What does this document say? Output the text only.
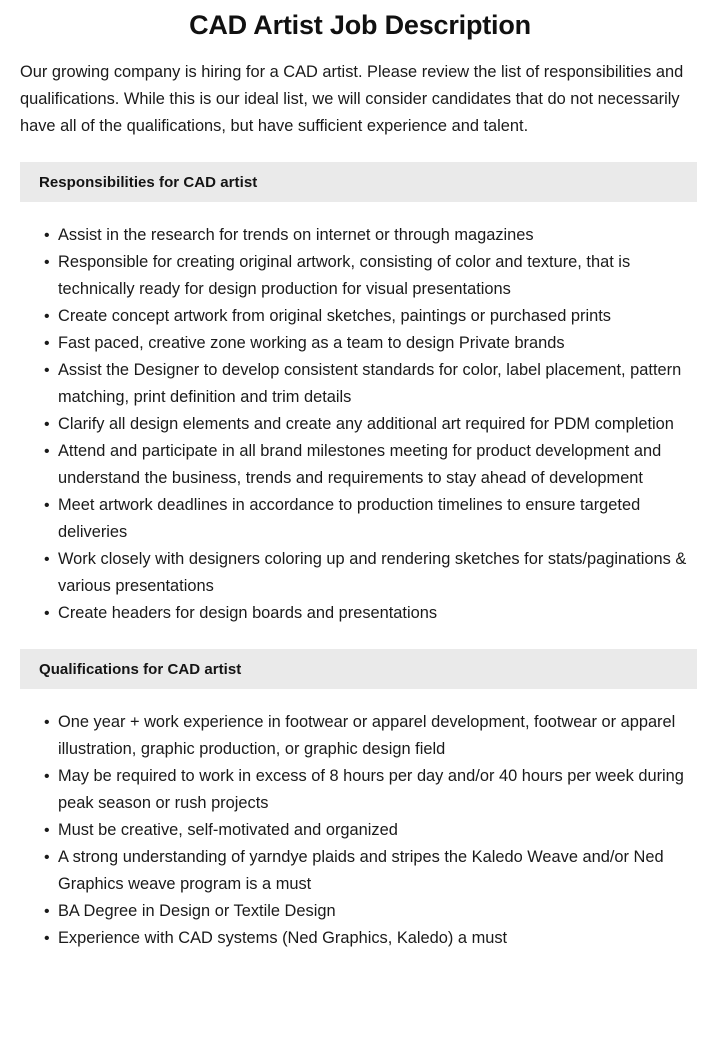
CAD Artist Job Description

Our growing company is hiring for a CAD artist. Please review the list of responsibilities and qualifications. While this is our ideal list, we will consider candidates that do not necessarily have all of the qualifications, but have sufficient experience and talent.

Responsibilities for CAD artist
• Assist in the research for trends on internet or through magazines
• Responsible for creating original artwork, consisting of color and texture, that is technically ready for design production for visual presentations
• Create concept artwork from original sketches, paintings or purchased prints
• Fast paced, creative zone working as a team to design Private brands
• Assist the Designer to develop consistent standards for color, label placement, pattern matching, print definition and trim details
• Clarify all design elements and create any additional art required for PDM completion
• Attend and participate in all brand milestones meeting for product development and understand the business, trends and requirements to stay ahead of development
• Meet artwork deadlines in accordance to production timelines to ensure targeted deliveries
• Work closely with designers coloring up and rendering sketches for stats/paginations & various presentations
• Create headers for design boards and presentations
Qualifications for CAD artist
• One year + work experience in footwear or apparel development, footwear or apparel illustration, graphic production, or graphic design field
• May be required to work in excess of 8 hours per day and/or 40 hours per week during peak season or rush projects
• Must be creative, self-motivated and organized
• A strong understanding of yarndye plaids and stripes the Kaledo Weave and/or Ned Graphics weave program is a must
• BA Degree in Design or Textile Design
• Experience with CAD systems (Ned Graphics, Kaledo) a must
